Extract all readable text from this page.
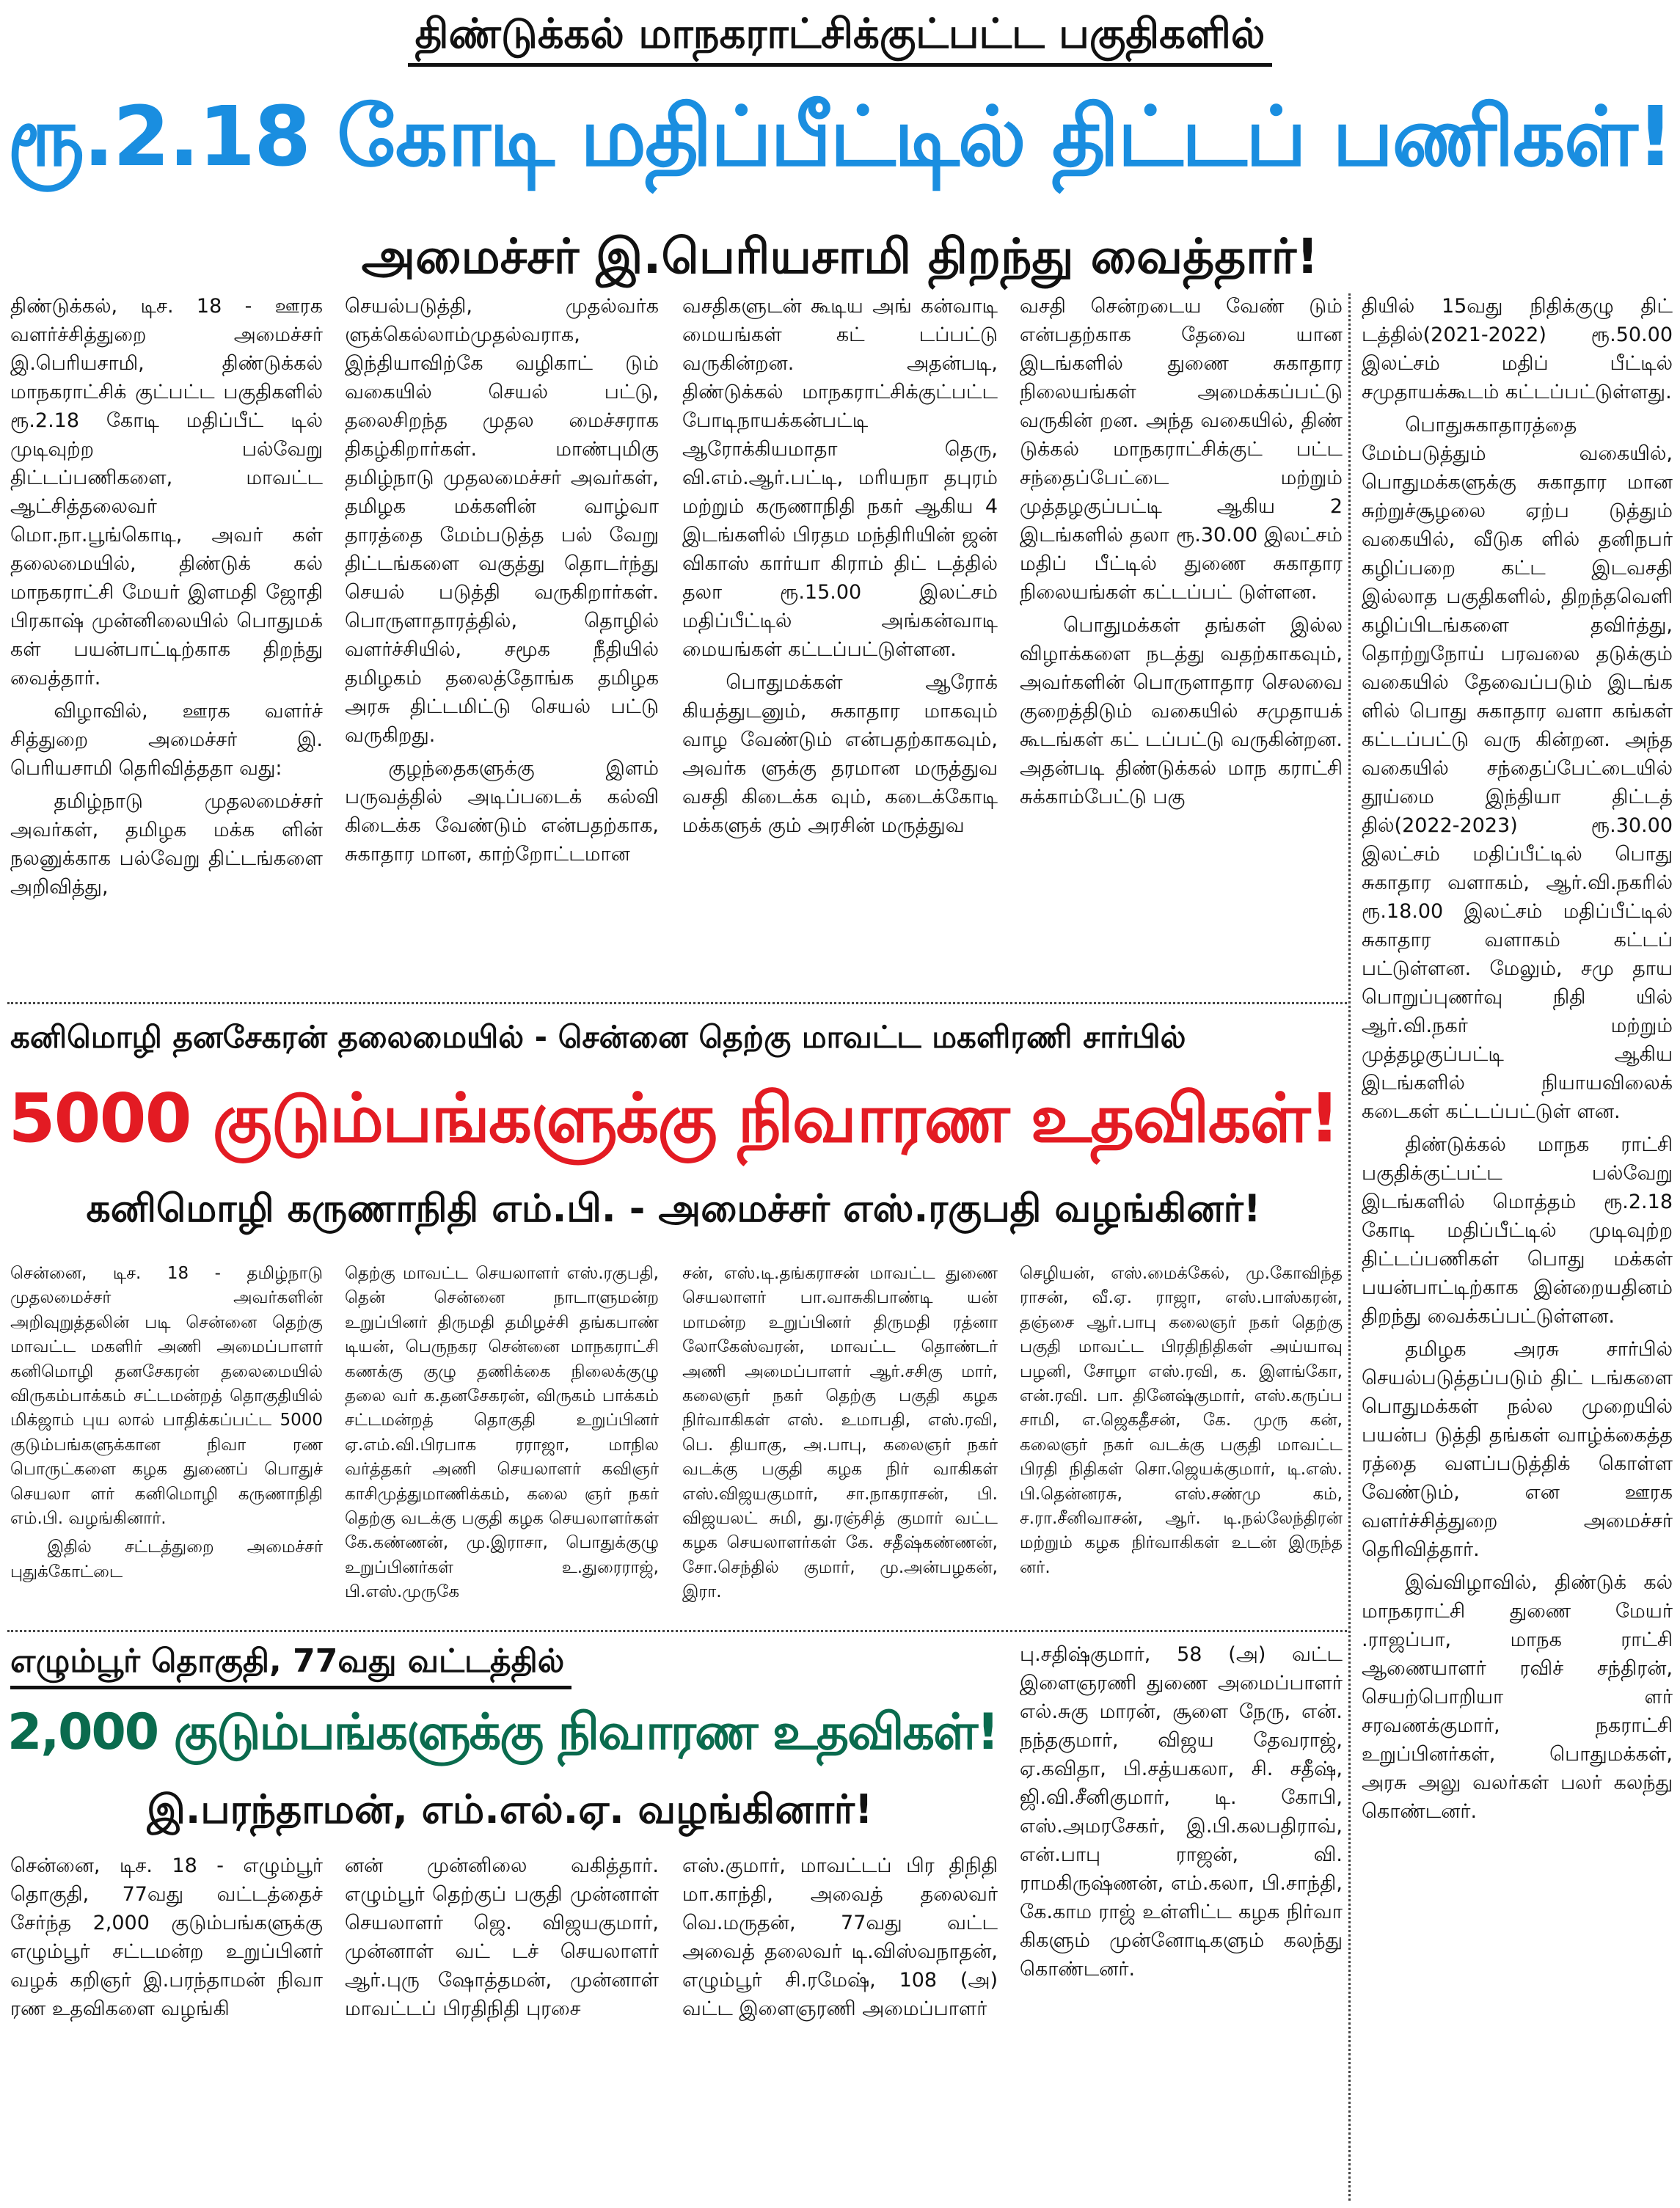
திண்டுக்கல் மாநகராட்சிக்குட்பட்ட பகுதிகளில்
ரூ.2.18 கோடி மதிப்பீட்டில் திட்டப் பணிகள்!
அமைச்சர் இ.பெரியசாமி திறந்து வைத்தார்!

திண்டுக்கல், டிச. 18 - ஊரக வளர்ச்சித்துறை அமைச்சர் இ.பெரியசாமி, திண்டுக்கல் மாநகராட்சிக் குட்பட்ட பகுதிகளில் ரூ.2.18 கோடி மதிப்பீட் டில் முடிவுற்ற பல்வேறு திட்டப்பணிகளை, மாவட்ட ஆட்சித்தலைவர் மொ.நா.பூங்கொடி, அவர் கள் தலைமையில், திண்டுக் கல் மாநகராட்சி மேயர் இளமதி ஜோதி பிரகாஷ் முன்னிலையில் பொதுமக் கள் பயன்பாட்டிற்காக திறந்து வைத்தார்.

விழாவில், ஊரக வளர்ச் சித்துறை அமைச்சர் இ. பெரியசாமி தெரிவித்ததா வது:

தமிழ்நாடு முதலமைச்சர் அவர்கள், தமிழக மக்க ளின் நலனுக்காக பல்வேறு திட்டங்களை அறிவித்து,

செயல்படுத்தி, முதல்வர்க ளுக்கெல்லாம்முதல்வராக, இந்தியாவிற்கே வழிகாட் டும் வகையில் செயல் பட்டு, தலைசிறந்த முதல மைச்சராக திகழ்கிறார்கள். மாண்புமிகு தமிழ்நாடு முதலமைச்சர் அவர்கள், தமிழக மக்களின் வாழ்வா தாரத்தை மேம்படுத்த பல் வேறு திட்டங்களை வகுத்து தொடர்ந்து செயல் படுத்தி வருகிறார்கள். பொருளாதாரத்தில், தொழில் வளர்ச்சியில், சமூக நீதியில் தமிழகம் தலைத்தோங்க தமிழக அரசு திட்டமிட்டு செயல் பட்டு வருகிறது.

குழந்தைகளுக்கு இளம் பருவத்தில் அடிப்படைக் கல்வி கிடைக்க வேண்டும் என்பதற்காக, சுகாதார மான, காற்றோட்டமான

வசதிகளுடன் கூடிய அங் கன்வாடி மையங்கள் கட் டப்பட்டு வருகின்றன. அதன்படி, திண்டுக்கல் மாநகராட்சிக்குட்பட்ட போடிநாயக்கன்பட்டி ஆரோக்கியமாதா தெரு, வி.எம்.ஆர்.பட்டி, மரியநா தபுரம் மற்றும் கருணாநிதி நகர் ஆகிய 4 இடங்களில் பிரதம மந்திரியின் ஜன் விகாஸ் கார்யா கிராம் திட் டத்தில் தலா ரூ.15.00 இலட்சம் மதிப்பீட்டில் அங்கன்வாடி மையங்கள் கட்டப்பட்டுள்ளன.

பொதுமக்கள் ஆரோக் கியத்துடனும், சுகாதார மாகவும் வாழ வேண்டும் என்பதற்காகவும், அவர்க ளுக்கு தரமான மருத்துவ வசதி கிடைக்க வும், கடைக்கோடி மக்களுக் கும் அரசின் மருத்துவ

வசதி சென்றடைய வேண் டும் என்பதற்காக தேவை யான இடங்களில் துணை சுகாதார நிலையங்கள் அமைக்கப்பட்டு வருகின் றன. அந்த வகையில், திண் டுக்கல் மாநகராட்சிக்குட் பட்ட சந்தைப்பேட்டை மற்றும் முத்தழகுப்பட்டி ஆகிய 2 இடங்களில் தலா ரூ.30.00 இலட்சம் மதிப் பீட்டில் துணை சுகாதார நிலையங்கள் கட்டப்பட் டுள்ளன.

பொதுமக்கள் தங்கள் இல்ல விழாக்களை நடத்து வதற்காகவும், அவர்களின் பொருளாதார செலவை குறைத்திடும் வகையில் சமுதாயக் கூடங்கள் கட் டப்பட்டு வருகின்றன. அதன்படி திண்டுக்கல் மாந கராட்சி சுக்காம்பேட்டு பகு

தியில் 15வது நிதிக்குழு திட் டத்தில்(2021-2022) ரூ.50.00 இலட்சம் மதிப் பீட்டில் சமுதாயக்கூடம் கட்டப்பட்டுள்ளது.

பொதுசுகாதாரத்தை மேம்படுத்தும் வகையில், பொதுமக்களுக்கு சுகாதார மான சுற்றுச்சூழலை ஏற்ப டுத்தும் வகையில், வீடுக ளில் தனிநபர் கழிப்பறை கட்ட இடவசதி இல்லாத பகுதிகளில், திறந்தவெளி கழிப்பிடங்களை தவிர்த்து, தொற்றுநோய் பரவலை தடுக்கும் வகையில் தேவைப்படும் இடங்க ளில் பொது சுகாதார வளா கங்கள் கட்டப்பட்டு வரு கின்றன. அந்த வகையில் சந்தைப்பேட்டையில் தூய்மை இந்தியா திட்டத் தில்(2022-2023) ரூ.30.00 இலட்சம் மதிப்பீட்டில் பொது சுகாதார வளாகம், ஆர்.வி.நகரில் ரூ.18.00 இலட்சம் மதிப்பீட்டில் சுகாதார வளாகம் கட்டப் பட்டுள்ளன. மேலும், சமு தாய பொறுப்புணர்வு நிதி யில் ஆர்.வி.நகர் மற்றும் முத்தழகுப்பட்டி ஆகிய இடங்களில் நியாயவிலைக் கடைகள் கட்டப்பட்டுள் ளன.

திண்டுக்கல் மாநக ராட்சி பகுதிக்குட்பட்ட பல்வேறு இடங்களில் மொத்தம் ரூ.2.18 கோடி மதிப்பீட்டில் முடிவுற்ற திட்டப்பணிகள் பொது மக்கள் பயன்பாட்டிற்காக இன்றையதினம் திறந்து வைக்கப்பட்டுள்ளன.

தமிழக அரசு சார்பில் செயல்படுத்தப்படும் திட் டங்களை பொதுமக்கள் நல்ல முறையில் பயன்ப டுத்தி தங்கள் வாழ்க்கைத்த ரத்தை வளப்படுத்திக் கொள்ள வேண்டும், என ஊரக வளர்ச்சித்துறை அமைச்சர் தெரிவித்தார்.

இவ்விழாவில், திண்டுக் கல் மாநகராட்சி துணை மேயர் .ராஜப்பா, மாநக ராட்சி ஆணையாளர் ரவிச் சந்திரன், செயற்பொறியா ளர் சரவணக்குமார், நகராட்சி உறுப்பினர்கள், பொதுமக்கள், அரசு அலு வலர்கள் பலர் கலந்து கொண்டனர்.

கனிமொழி தனசேகரன் தலைமையில் - சென்னை தெற்கு மாவட்ட மகளிரணி சார்பில்
5000 குடும்பங்களுக்கு நிவாரண உதவிகள்!
கனிமொழி கருணாநிதி எம்.பி. - அமைச்சர் எஸ்.ரகுபதி வழங்கினர்!

சென்னை, டிச. 18 - தமிழ்நாடு முதலமைச்சர் அவர்களின் அறிவுறுத்தலின் படி சென்னை தெற்கு மாவட்ட மகளிர் அணி அமைப்பாளர் கனிமொழி தனசேகரன் தலைமையில் விருகம்பாக்கம் சட்டமன்றத் தொகுதியில் மிக்ஜாம் புய லால் பாதிக்கப்பட்ட 5000 குடும்பங்களுக்கான நிவா ரண பொருட்களை கழக துணைப் பொதுச் செயலா ளர் கனிமொழி கருணாநிதி எம்.பி. வழங்கினார்.

இதில் சட்டத்துறை அமைச்சர் புதுக்கோட்டை

தெற்கு மாவட்ட செயலாளர் எஸ்.ரகுபதி, தென் சென்னை நாடாளுமன்ற உறுப்பினர் திருமதி தமிழச்சி தங்கபாண் டியன், பெருநகர சென்னை மாநகராட்சி கணக்கு குழு தணிக்கை நிலைக்குழு தலை வர் க.தனசேகரன், விருகம் பாக்கம் சட்டமன்றத் தொகுதி உறுப்பினர் ஏ.எம்.வி.பிரபாக ரராஜா, மாநில வர்த்தகர் அணி செயலாளர் கவிஞர் காசிமுத்துமாணிக்கம், கலை ஞர் நகர் தெற்கு வடக்கு பகுதி கழக செயலாளர்கள் கே.கண்ணன், மு.இராசா, பொதுக்குழு உறுப்பினர்கள் உ.துரைராஜ், பி.எஸ்.முருகே

சன், எஸ்.டி.தங்கராசன் மாவட்ட துணை செயலாளர் பா.வாசுகிபாண்டி யன் மாமன்ற உறுப்பினர் திருமதி ரத்னா லோகேஸ்வரன், மாவட்ட தொண்டர் அணி அமைப்பாளர் ஆர்.சசிகு மார், கலைஞர் நகர் தெற்கு பகுதி கழக நிர்வாகிகள் எஸ். உமாபதி, எஸ்.ரவி, பெ. தியாகு, அ.பாபு, கலைஞர் நகர் வடக்கு பகுதி கழக நிர் வாகிகள் எஸ்.விஜயகுமார், சா.நாகராசன், பி. விஜயலட் சுமி, து.ரஞ்சித் குமார் வட்ட கழக செயலாளர்கள் கே. சதீஷ்கண்ணன், சோ.செந்தில் குமார், மு.அன்பழகன், இரா.

செழியன், எஸ்.மைக்கேல், மு.கோவிந்த ராசன், வீ.ஏ. ராஜா, எஸ்.பாஸ்கரன், தஞ்சை ஆர்.பாபு கலைஞர் நகர் தெற்கு பகுதி மாவட்ட பிரதிநிதிகள் அய்யாவு பழனி, சோழா எஸ்.ரவி, க. இளங்கோ, என்.ரவி. பா. தினேஷ்குமார், எஸ்.கருப்ப சாமி, எ.ஜெகதீசன், கே. முரு கன், கலைஞர் நகர் வடக்கு பகுதி மாவட்ட பிரதி நிதிகள் சொ.ஜெயக்குமார், டி.எஸ். பி.தென்னரசு, எஸ்.சண்மு கம், ச.ரா.சீனிவாசன், ஆர். டி.நல்லேந்திரன் மற்றும் கழக நிர்வாகிகள் உடன் இருந்த னர்.

எழும்பூர் தொகுதி, 77வது வட்டத்தில்
2,000 குடும்பங்களுக்கு நிவாரண உதவிகள்!
இ.பரந்தாமன், எம்.எல்.ஏ. வழங்கினார்!

சென்னை, டிச. 18 - எழும்பூர் தொகுதி, 77வது வட்டத்தைச் சேர்ந்த 2,000 குடும்பங்களுக்கு எழும்பூர் சட்டமன்ற உறுப்பினர் வழக் கறிஞர் இ.பரந்தாமன் நிவா ரண உதவிகளை வழங்கி

னன் முன்னிலை வகித்தார். எழும்பூர் தெற்குப் பகுதி முன்னாள் செயலாளர் ஜெ. விஜயகுமார், முன்னாள் வட் டச் செயலாளர் ஆர்.புரு ஷோத்தமன், முன்னாள் மாவட்டப் பிரதிநிதி புரசை

எஸ்.குமார், மாவட்டப் பிர திநிதி மா.காந்தி, அவைத் தலைவர் வெ.மருதன், 77வது வட்ட அவைத் தலைவர் டி.விஸ்வநாதன், எழும்பூர் சி.ரமேஷ், 108 (அ) வட்ட இளைஞரணி அமைப்பாளர்

பு.சதிஷ்குமார், 58 (அ) வட்ட இளைஞரணி துணை அமைப்பாளர் எல்.சுகு மாரன், சூளை நேரு, என். நந்தகுமார், விஜய தேவராஜ், ஏ.கவிதா, பி.சத்யகலா, சி. சதீஷ், ஜி.வி.சீனிகுமார், டி. கோபி, எஸ்.அமரசேகர், இ.பி.கலபதிராவ், என்.பாபு ராஜன், வி. ராமகிருஷ்ணன், எம்.கலா, பி.சாந்தி, கே.காம ராஜ் உள்ளிட்ட கழக நிர்வா கிகளும் முன்னோடிகளும் கலந்து கொண்டனர்.
